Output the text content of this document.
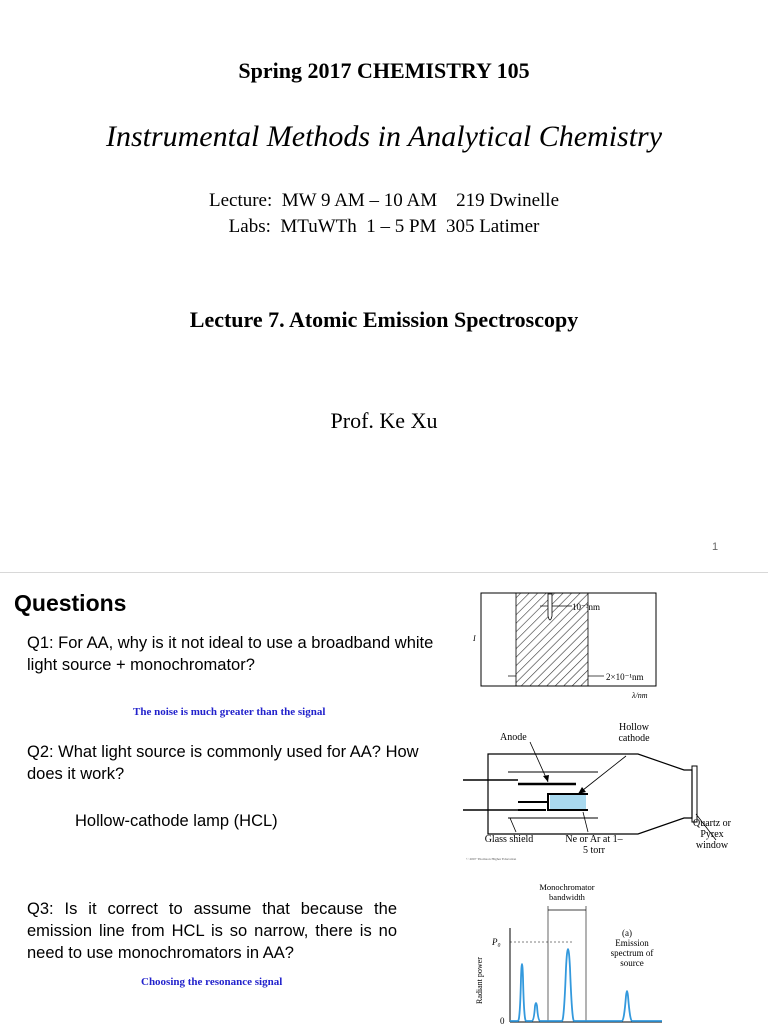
Spring 2017 CHEMISTRY 105
Instrumental Methods in Analytical Chemistry
Lecture:  MW 9 AM – 10 AM    219 Dwinelle
Labs:  MTuWTh  1 – 5 PM  305 Latimer
Lecture 7. Atomic Emission Spectroscopy
Prof. Ke Xu
1
Questions
Q1: For AA, why is it not ideal to use a broadband white light source + monochromator?
The noise is much greater than the signal
Q2: What light source is commonly used for AA? How does it work?
Hollow-cathode lamp (HCL)
Q3: Is it correct to assume that because the emission line from HCL is so narrow, there is no need to use monochromators in AA?
Choosing the resonance signal
10⁻³nm
2×10⁻¹nm
I
λ/nm
Anode
Hollow cathode
Glass shield	Ne or Ar at 1–5 torr
Quartz or Pyrex window
© 2007 Thomson Higher Education
Monochromator bandwidth
P₀
0
Radiant power
(a)
Emission spectrum of source
